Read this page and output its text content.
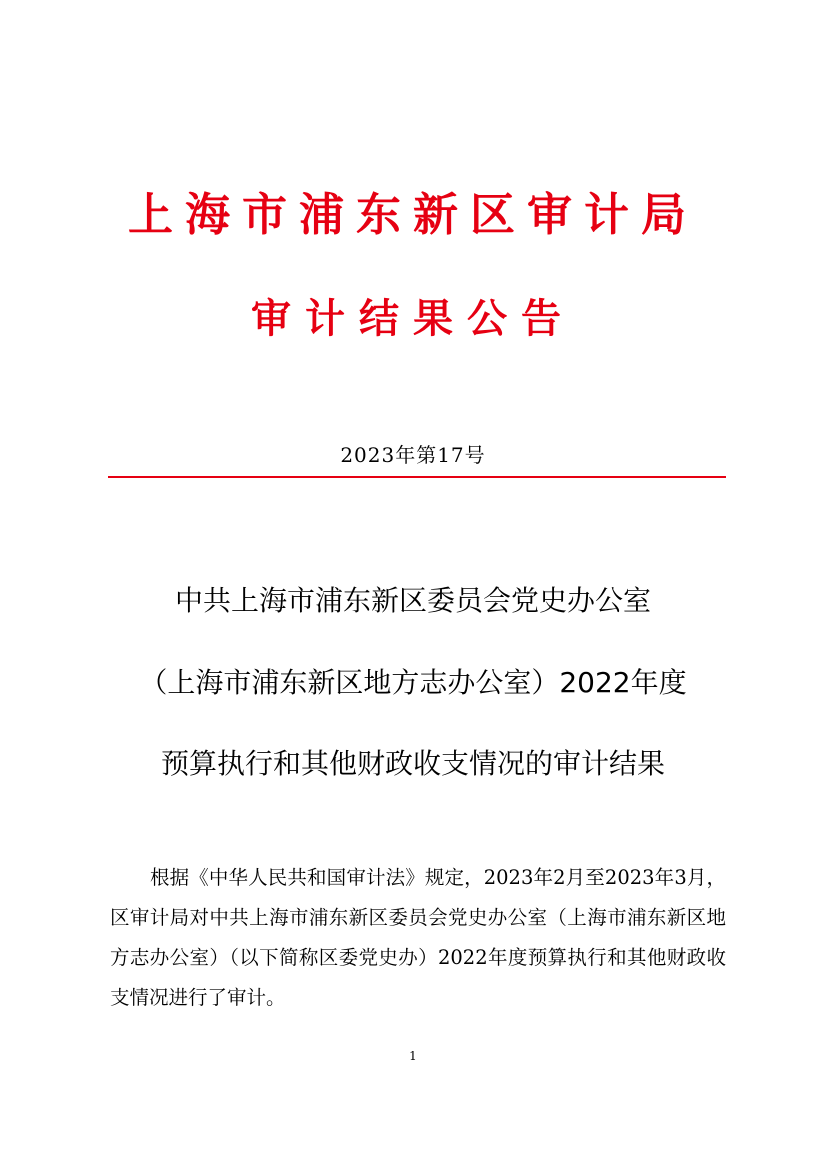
上海市浦东新区审计局
审计结果公告
2023年第17号
中共上海市浦东新区委员会党史办公室
（上海市浦东新区地方志办公室）2022年度
预算执行和其他财政收支情况的审计结果

根据《中华人民共和国审计法》规定，2023年2月至2023年3月，区审计局对中共上海市浦东新区委员会党史办公室（上海市浦东新区地方志办公室）（以下简称区委党史办）2022年度预算执行和其他财政收支情况进行了审计。

1
